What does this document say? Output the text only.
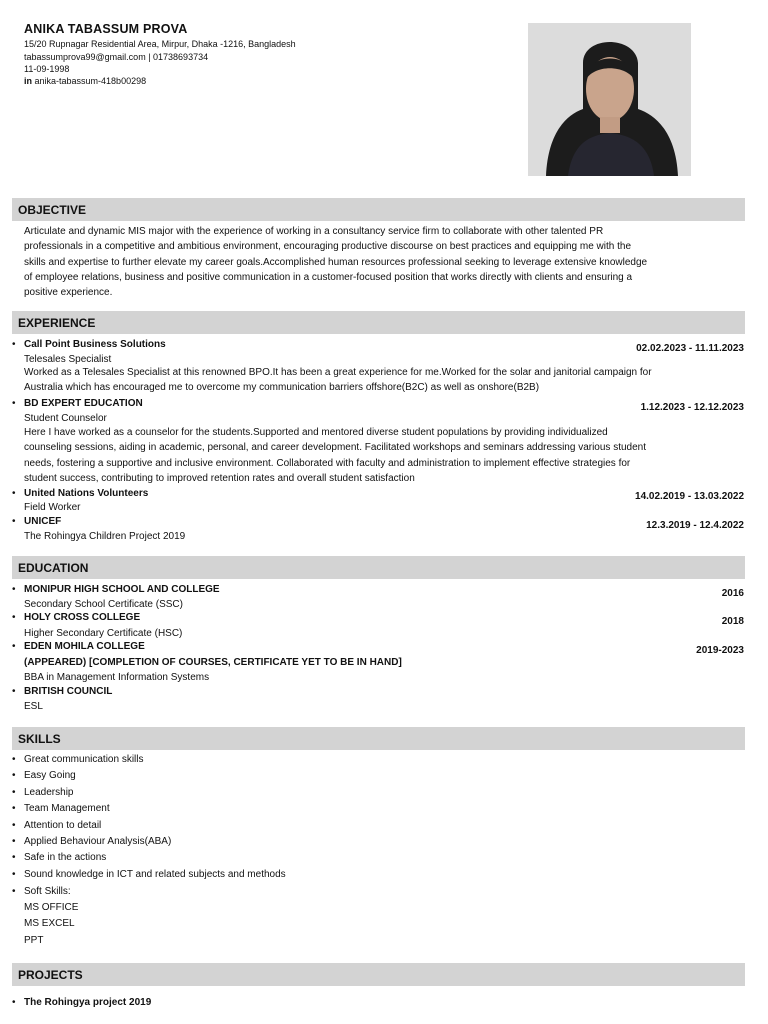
ANIKA TABASSUM PROVA
15/20 Rupnagar Residential Area, Mirpur, Dhaka -1216, Bangladesh
tabassumprova99@gmail.com | 01738693734
11-09-1998
in anika-tabassum-418b00298
OBJECTIVE
Articulate and dynamic MIS major with the experience of working in a consultancy service firm to collaborate with other talented PR
professionals in a competitive and ambitious environment, encouraging productive discourse on best practices and equipping me with the
skills and expertise to further elevate my career goals.Accomplished human resources professional seeking to leverage extensive knowledge
of employee relations, business and positive communication in a customer-focused position that works directly with clients and ensuring a
positive experience.
EXPERIENCE
• Call Point Business Solutions	02.02.2023 - 11.11.2023
Telesales Specialist
Worked as a Telesales Specialist at this renowned BPO.It has been a great experience for me.Worked for the solar and janitorial campaign for
Australia which has encouraged me to overcome my communication barriers offshore(B2C) as well as onshore(B2B)
• BD EXPERT EDUCATION	1.12.2023 - 12.12.2023
Student Counselor
Here I have worked as a counselor for the students.Supported and mentored diverse student populations by providing individualized
counseling sessions, aiding in academic, personal, and career development. Facilitated workshops and seminars addressing various student
needs, fostering a supportive and inclusive environment. Collaborated with faculty and administration to implement effective strategies for
student success, contributing to improved retention rates and overall student satisfaction
• United Nations Volunteers	14.02.2019 - 13.03.2022
Field Worker
• UNICEF	12.3.2019 - 12.4.2022
The Rohingya Children Project 2019
EDUCATION
• MONIPUR HIGH SCHOOL AND COLLEGE	2016
Secondary School Certificate (SSC)
• HOLY CROSS COLLEGE	2018
Higher Secondary Certificate (HSC)
• EDEN MOHILA COLLEGE	2019-2023
(APPEARED) [COMPLETION OF COURSES, CERTIFICATE YET TO BE IN HAND]
BBA in Management Information Systems
• BRITISH COUNCIL
ESL
SKILLS
• Great communication skills
• Easy Going
• Leadership
• Team Management
• Attention to detail
• Applied Behaviour Analysis(ABA)
• Safe in the actions
• Sound knowledge in ICT and related subjects and methods
• Soft Skills:
MS OFFICE
MS EXCEL
PPT
PROJECTS
• The Rohingya project 2019
